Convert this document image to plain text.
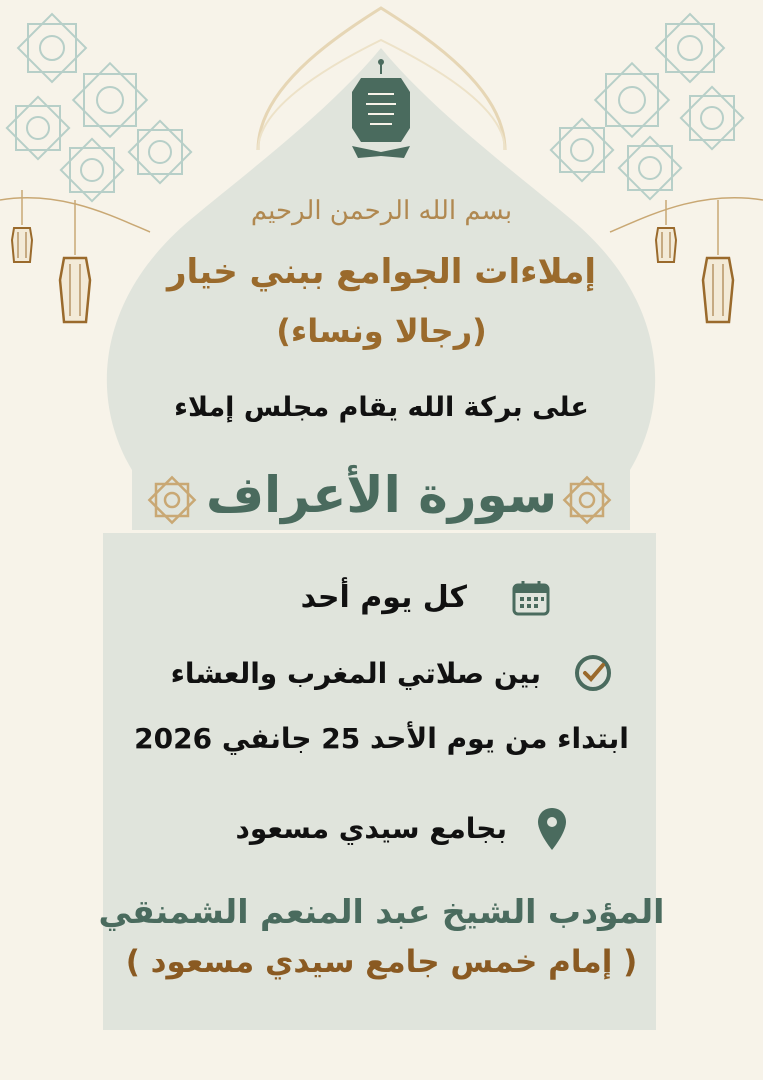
بسم الله الرحمن الرحيم
إملاءات الجوامع ببني خيار
(رجالا ونساء)
على بركة الله يقام مجلس إملاء
سورة الأعراف
كل يوم أحد
بين صلاتي المغرب والعشاء
ابتداء من يوم الأحد 25 جانفي 2026
بجامع سيدي مسعود
المؤدب الشيخ عبد المنعم الشمنقي
( إمام خمس جامع سيدي مسعود )
